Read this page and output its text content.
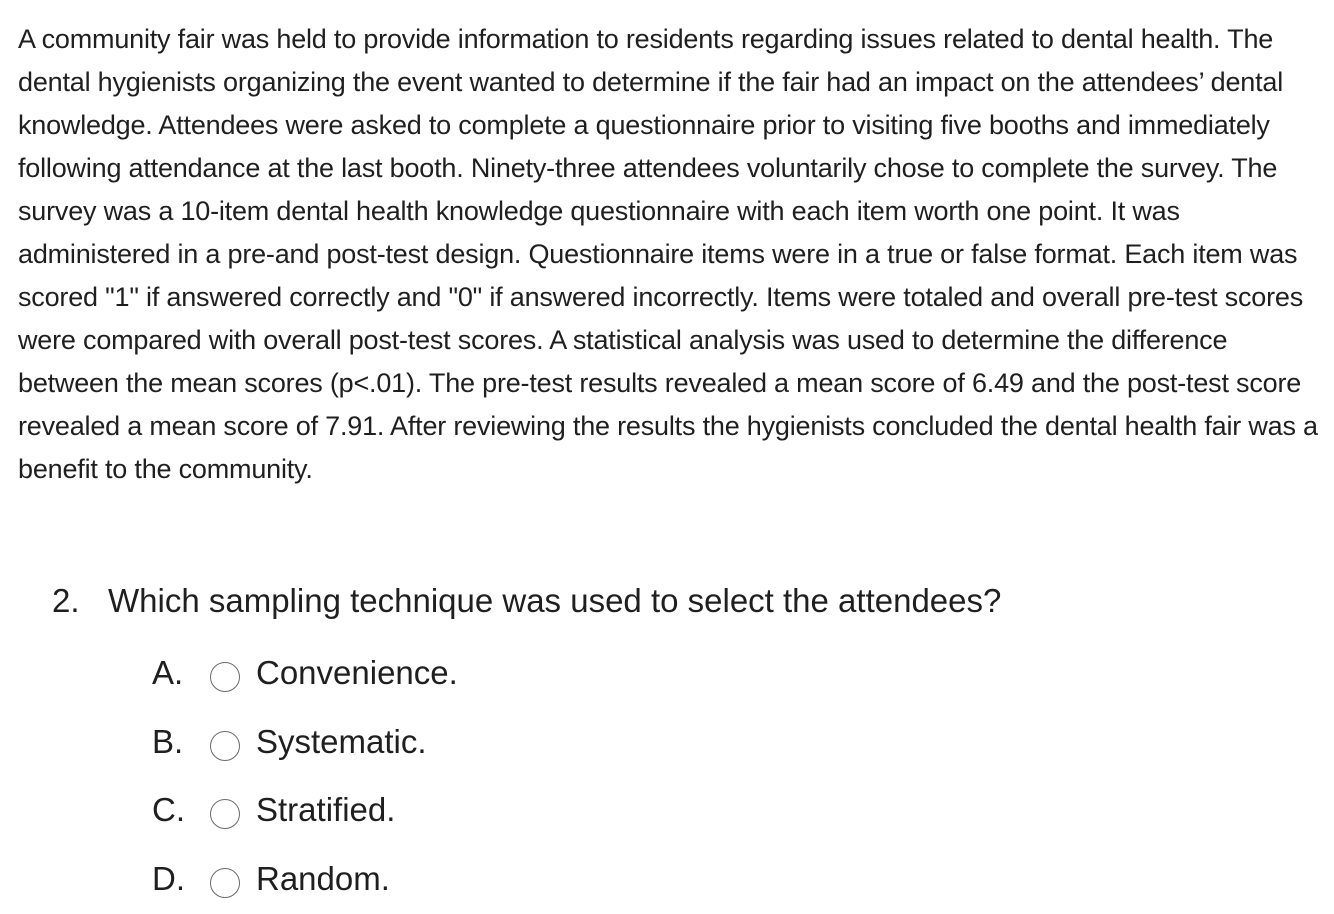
A community fair was held to provide information to residents regarding issues related to dental health. The dental hygienists organizing the event wanted to determine if the fair had an impact on the attendees’ dental knowledge. Attendees were asked to complete a questionnaire prior to visiting five booths and immediately following attendance at the last booth. Ninety-three attendees voluntarily chose to complete the survey. The survey was a 10-item dental health knowledge questionnaire with each item worth one point. It was administered in a pre-and post-test design. Questionnaire items were in a true or false format. Each item was scored "1" if answered correctly and "0" if answered incorrectly. Items were totaled and overall pre-test scores were compared with overall post-test scores. A statistical analysis was used to determine the difference between the mean scores (p<.01). The pre-test results revealed a mean score of 6.49 and the post-test score revealed a mean score of 7.91. After reviewing the results the hygienists concluded the dental health fair was a benefit to the community.

2. Which sampling technique was used to select the attendees?
A.	Convenience.
B.	Systematic.
C.	Stratified.
D.	Random.
